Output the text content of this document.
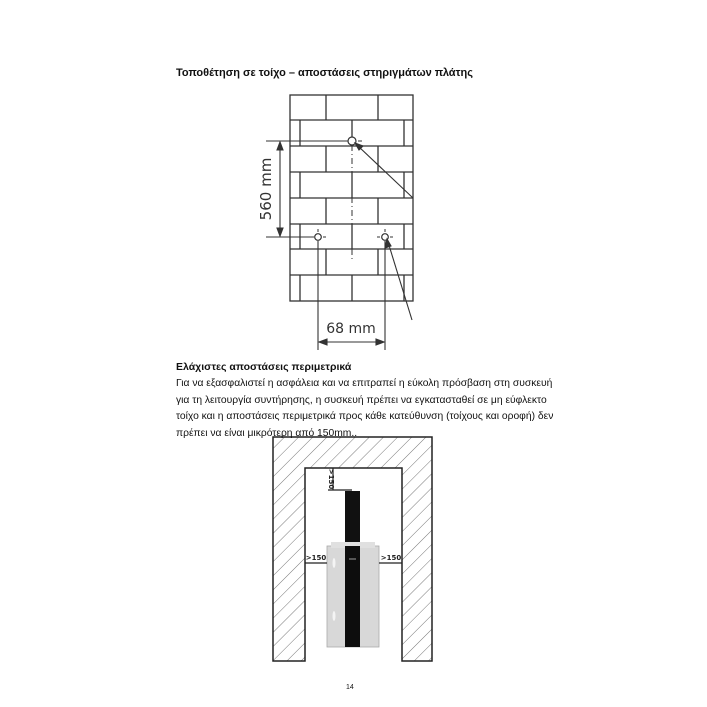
Τοποθέτηση σε τοίχο – αποστάσεις στηριγμάτων πλάτης
560 mm
68 mm
>150
>150	>150
Ελάχιστες αποστάσεις περιμετρικά
Για να εξασφαλιστεί η ασφάλεια και να επιτραπεί η εύκολη πρόσβαση στη συσκευή
για τη λειτουργία συντήρησης, η συσκευή πρέπει να εγκατασταθεί σε μη εύφλεκτο
τοίχο και η αποστάσεις περιμετρικά προς κάθε κατεύθυνση (τοίχους και οροφή) δεν
πρέπει να είναι μικρότερη από 150mm..
14
